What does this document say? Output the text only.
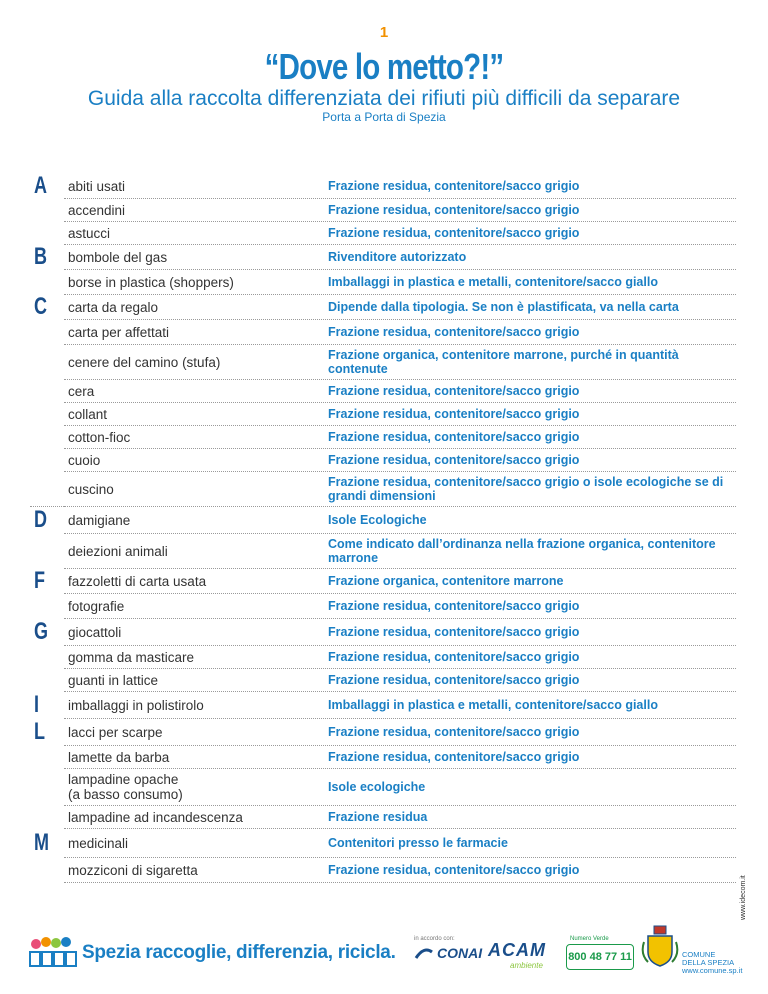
1
“Dove lo metto?!”
Guida alla raccolta differenziata dei rifiuti più difficili da separare
Porta a Porta di Spezia
A abiti usati	Frazione residua, contenitore/sacco grigio
accendini	Frazione residua, contenitore/sacco grigio
astucci	Frazione residua, contenitore/sacco grigio
B bombole del gas	Rivenditore autorizzato
borse in plastica (shoppers)	Imballaggi in plastica e metalli, contenitore/sacco giallo
C carta da regalo	Dipende dalla tipologia. Se non è plastificata, va nella carta
carta per affettati	Frazione residua, contenitore/sacco grigio
cenere del camino (stufa)	Frazione organica, contenitore marrone, purché in quantità contenute
cera	Frazione residua, contenitore/sacco grigio
collant	Frazione residua, contenitore/sacco grigio
cotton-fioc	Frazione residua, contenitore/sacco grigio
cuoio	Frazione residua, contenitore/sacco grigio
cuscino	Frazione residua, contenitore/sacco grigio o isole ecologiche se di grandi dimensioni
D damigiane	Isole Ecologiche
deiezioni animali	Come indicato dall’ordinanza nella frazione organica, contenitore marrone
F fazzoletti di carta usata	Frazione organica, contenitore marrone
fotografie	Frazione residua, contenitore/sacco grigio
G giocattoli	Frazione residua, contenitore/sacco grigio
gomma da masticare	Frazione residua, contenitore/sacco grigio
guanti in lattice	Frazione residua, contenitore/sacco grigio
I imballaggi in polistirolo	Imballaggi in plastica e metalli, contenitore/sacco giallo
L lacci per scarpe	Frazione residua, contenitore/sacco grigio
lamette da barba	Frazione residua, contenitore/sacco grigio
lampadine opache
(a basso consumo)	Isole ecologiche
lampadine ad incandescenza	Frazione residua
M medicinali	Contenitori presso le farmacie
mozziconi di sigaretta	Frazione residua, contenitore/sacco grigio
Spezia raccoglie, differenzia, ricicla.
in accordo con:
CONAI ACAM
ambiente
Numero Verde
800 48 77 11	COMUNE
DELLA SPEZIA
www.comune.sp.it
www.idecom.it
